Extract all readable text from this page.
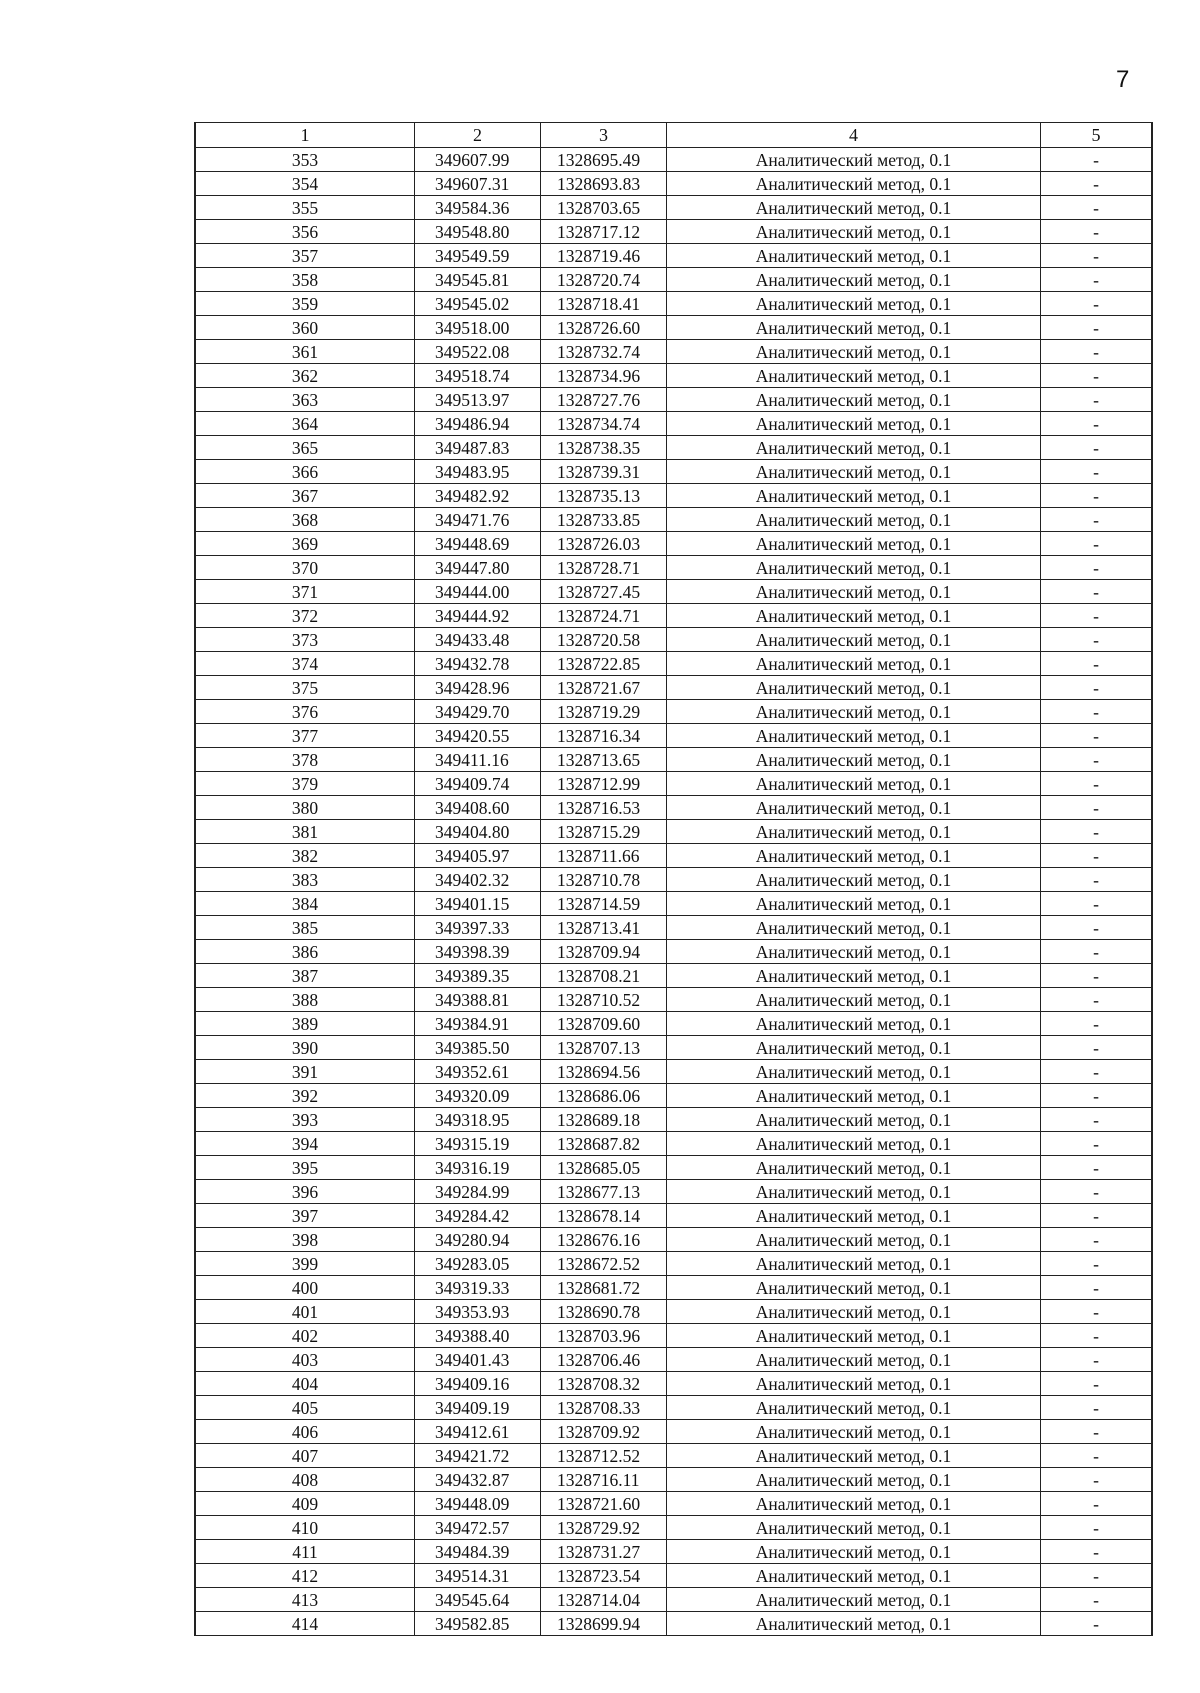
7
1	2	3	4	5
353	349607.99	1328695.49	Аналитический метод, 0.1	-
354	349607.31	1328693.83	Аналитический метод, 0.1	-
355	349584.36	1328703.65	Аналитический метод, 0.1	-
356	349548.80	1328717.12	Аналитический метод, 0.1	-
357	349549.59	1328719.46	Аналитический метод, 0.1	-
358	349545.81	1328720.74	Аналитический метод, 0.1	-
359	349545.02	1328718.41	Аналитический метод, 0.1	-
360	349518.00	1328726.60	Аналитический метод, 0.1	-
361	349522.08	1328732.74	Аналитический метод, 0.1	-
362	349518.74	1328734.96	Аналитический метод, 0.1	-
363	349513.97	1328727.76	Аналитический метод, 0.1	-
364	349486.94	1328734.74	Аналитический метод, 0.1	-
365	349487.83	1328738.35	Аналитический метод, 0.1	-
366	349483.95	1328739.31	Аналитический метод, 0.1	-
367	349482.92	1328735.13	Аналитический метод, 0.1	-
368	349471.76	1328733.85	Аналитический метод, 0.1	-
369	349448.69	1328726.03	Аналитический метод, 0.1	-
370	349447.80	1328728.71	Аналитический метод, 0.1	-
371	349444.00	1328727.45	Аналитический метод, 0.1	-
372	349444.92	1328724.71	Аналитический метод, 0.1	-
373	349433.48	1328720.58	Аналитический метод, 0.1	-
374	349432.78	1328722.85	Аналитический метод, 0.1	-
375	349428.96	1328721.67	Аналитический метод, 0.1	-
376	349429.70	1328719.29	Аналитический метод, 0.1	-
377	349420.55	1328716.34	Аналитический метод, 0.1	-
378	349411.16	1328713.65	Аналитический метод, 0.1	-
379	349409.74	1328712.99	Аналитический метод, 0.1	-
380	349408.60	1328716.53	Аналитический метод, 0.1	-
381	349404.80	1328715.29	Аналитический метод, 0.1	-
382	349405.97	1328711.66	Аналитический метод, 0.1	-
383	349402.32	1328710.78	Аналитический метод, 0.1	-
384	349401.15	1328714.59	Аналитический метод, 0.1	-
385	349397.33	1328713.41	Аналитический метод, 0.1	-
386	349398.39	1328709.94	Аналитический метод, 0.1	-
387	349389.35	1328708.21	Аналитический метод, 0.1	-
388	349388.81	1328710.52	Аналитический метод, 0.1	-
389	349384.91	1328709.60	Аналитический метод, 0.1	-
390	349385.50	1328707.13	Аналитический метод, 0.1	-
391	349352.61	1328694.56	Аналитический метод, 0.1	-
392	349320.09	1328686.06	Аналитический метод, 0.1	-
393	349318.95	1328689.18	Аналитический метод, 0.1	-
394	349315.19	1328687.82	Аналитический метод, 0.1	-
395	349316.19	1328685.05	Аналитический метод, 0.1	-
396	349284.99	1328677.13	Аналитический метод, 0.1	-
397	349284.42	1328678.14	Аналитический метод, 0.1	-
398	349280.94	1328676.16	Аналитический метод, 0.1	-
399	349283.05	1328672.52	Аналитический метод, 0.1	-
400	349319.33	1328681.72	Аналитический метод, 0.1	-
401	349353.93	1328690.78	Аналитический метод, 0.1	-
402	349388.40	1328703.96	Аналитический метод, 0.1	-
403	349401.43	1328706.46	Аналитический метод, 0.1	-
404	349409.16	1328708.32	Аналитический метод, 0.1	-
405	349409.19	1328708.33	Аналитический метод, 0.1	-
406	349412.61	1328709.92	Аналитический метод, 0.1	-
407	349421.72	1328712.52	Аналитический метод, 0.1	-
408	349432.87	1328716.11	Аналитический метод, 0.1	-
409	349448.09	1328721.60	Аналитический метод, 0.1	-
410	349472.57	1328729.92	Аналитический метод, 0.1	-
411	349484.39	1328731.27	Аналитический метод, 0.1	-
412	349514.31	1328723.54	Аналитический метод, 0.1	-
413	349545.64	1328714.04	Аналитический метод, 0.1	-
414	349582.85	1328699.94	Аналитический метод, 0.1	-
